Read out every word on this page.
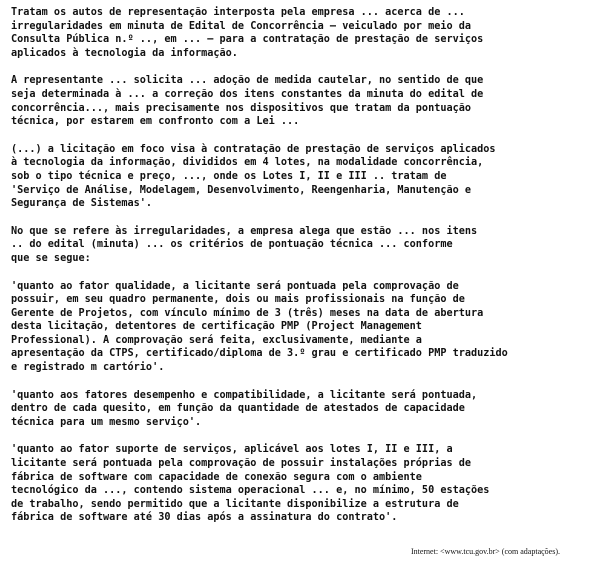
Tratam os autos de representação interposta pela empresa ... acerca de ...
irregularidades em minuta de Edital de Concorrência — veiculado por meio da
Consulta Pública n.º .., em ... — para a contratação de prestação de serviços
aplicados à tecnologia da informação.

A representante ... solicita ... adoção de medida cautelar, no sentido de que
seja determinada à ... a correção dos itens constantes da minuta do edital de
concorrência..., mais precisamente nos dispositivos que tratam da pontuação
técnica, por estarem em confronto com a Lei ...

(...) a licitação em foco visa à contratação de prestação de serviços aplicados
à tecnologia da informação, divididos em 4 lotes, na modalidade concorrência,
sob o tipo técnica e preço, ..., onde os Lotes I, II e III .. tratam de
'Serviço de Análise, Modelagem, Desenvolvimento, Reengenharia, Manutenção e
Segurança de Sistemas'.

No que se refere às irregularidades, a empresa alega que estão ... nos itens
.. do edital (minuta) ... os critérios de pontuação técnica ... conforme
que se segue:

'quanto ao fator qualidade, a licitante será pontuada pela comprovação de
possuir, em seu quadro permanente, dois ou mais profissionais na função de
Gerente de Projetos, com vínculo mínimo de 3 (três) meses na data de abertura
desta licitação, detentores de certificação PMP (Project Management
Professional). A comprovação será feita, exclusivamente, mediante a
apresentação da CTPS, certificado/diploma de 3.º grau e certificado PMP traduzido
e registrado m cartório'.

'quanto aos fatores desempenho e compatibilidade, a licitante será pontuada,
dentro de cada quesito, em função da quantidade de atestados de capacidade
técnica para um mesmo serviço'.

'quanto ao fator suporte de serviços, aplicável aos lotes I, II e III, a
licitante será pontuada pela comprovação de possuir instalações próprias de
fábrica de software com capacidade de conexão segura com o ambiente
tecnológico da ..., contendo sistema operacional ... e, no mínimo, 50 estações
de trabalho, sendo permitido que a licitante disponibilize a estrutura de
fábrica de software até 30 dias após a assinatura do contrato'.

Internet: <www.tcu.gov.br> (com adaptações).
